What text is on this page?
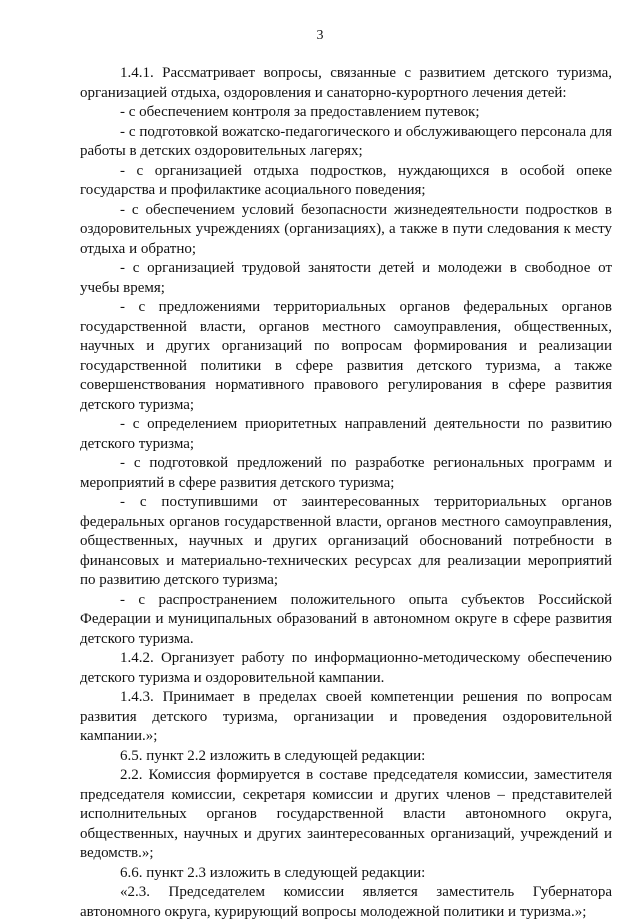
3

1.4.1. Рассматривает вопросы, связанные с развитием детского туризма, организацией отдыха, оздоровления и санаторно-курортного лечения детей:

- с обеспечением контроля за предоставлением путевок;

- с подготовкой вожатско-педагогического и обслуживающего персонала для работы в детских оздоровительных лагерях;

- с организацией отдыха подростков, нуждающихся в особой опеке государства и профилактике асоциального поведения;

- с обеспечением условий безопасности жизнедеятельности подростков в оздоровительных учреждениях (организациях), а также в пути следования к месту отдыха и обратно;

- с организацией трудовой занятости детей и молодежи в свободное от учебы время;

- с предложениями территориальных органов федеральных органов государственной власти, органов местного самоуправления, общественных, научных и других организаций по вопросам формирования и реализации государственной политики в сфере развития детского туризма, а также совершенствования нормативного правового регулирования в сфере развития детского туризма;

- с определением приоритетных направлений деятельности по развитию детского туризма;

- с подготовкой предложений по разработке региональных программ и мероприятий в сфере развития детского туризма;

- с поступившими от заинтересованных территориальных органов федеральных органов государственной власти, органов местного самоуправления, общественных, научных и других организаций обоснований потребности в финансовых и материально-технических ресурсах для реализации мероприятий по развитию детского туризма;

- с распространением положительного опыта субъектов Российской Федерации и муниципальных образований в автономном округе в сфере развития детского туризма.

1.4.2. Организует работу по информационно-методическому обеспечению детского туризма и оздоровительной кампании.

1.4.3. Принимает в пределах своей компетенции решения по вопросам развития детского туризма, организации и проведения оздоровительной кампании.»;

6.5. пункт 2.2 изложить в следующей редакции:

2.2. Комиссия формируется в составе председателя комиссии, заместителя председателя комиссии, секретаря комиссии и других членов – представителей исполнительных органов государственной власти автономного округа, общественных, научных и других заинтересованных организаций, учреждений и ведомств.»;

6.6. пункт 2.3 изложить в следующей редакции:

«2.3. Председателем комиссии является заместитель Губернатора автономного округа, курирующий вопросы молодежной политики и туризма.»;
